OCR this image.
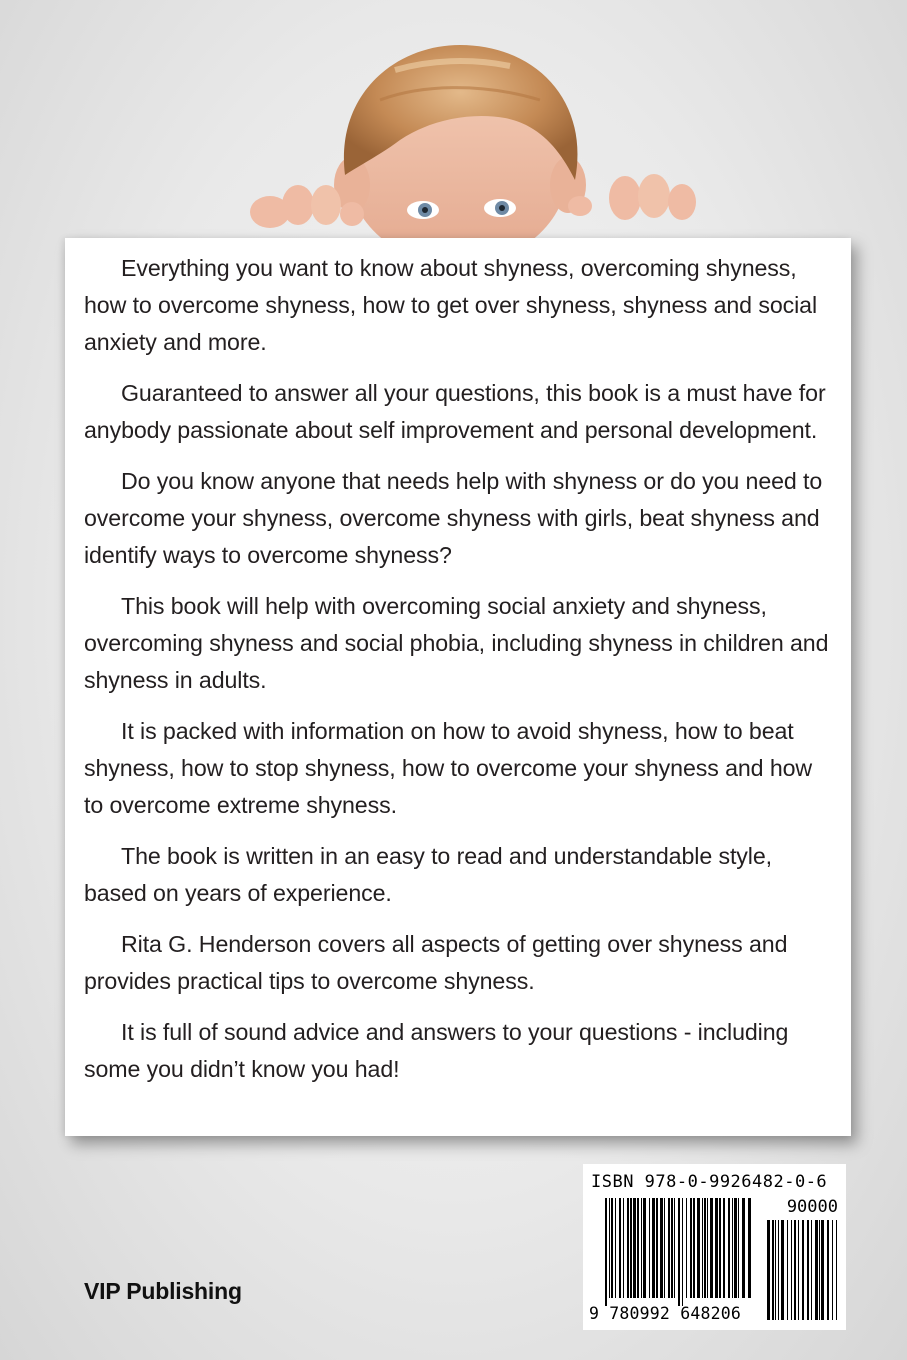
Everything you want to know about shyness, overcoming shyness, how to overcome shyness, how to get over shyness, shyness and social anxiety and more.

Guaranteed to answer all your questions, this book is a must have for anybody passionate about self improvement and personal development.

Do you know anyone that needs help with shyness or do you need to overcome your shyness, overcome shyness with girls, beat shyness and identify ways to overcome shyness?

This book will help with overcoming social anxiety and shyness, overcoming shyness and social phobia, including shyness in children and shyness in adults.

It is packed with information on how to avoid shyness, how to beat shyness, how to stop shyness, how to overcome your shyness and how to overcome extreme shyness.

The book is written in an easy to read and understandable style, based on years of experience.

Rita G. Henderson covers all aspects of getting over shyness and provides practical tips to overcome shyness.

It is full of sound advice and answers to your questions - including some you didn’t know you had!

VIP Publishing
ISBN 978-0-9926482-0-6
90000
9 780992 648206
